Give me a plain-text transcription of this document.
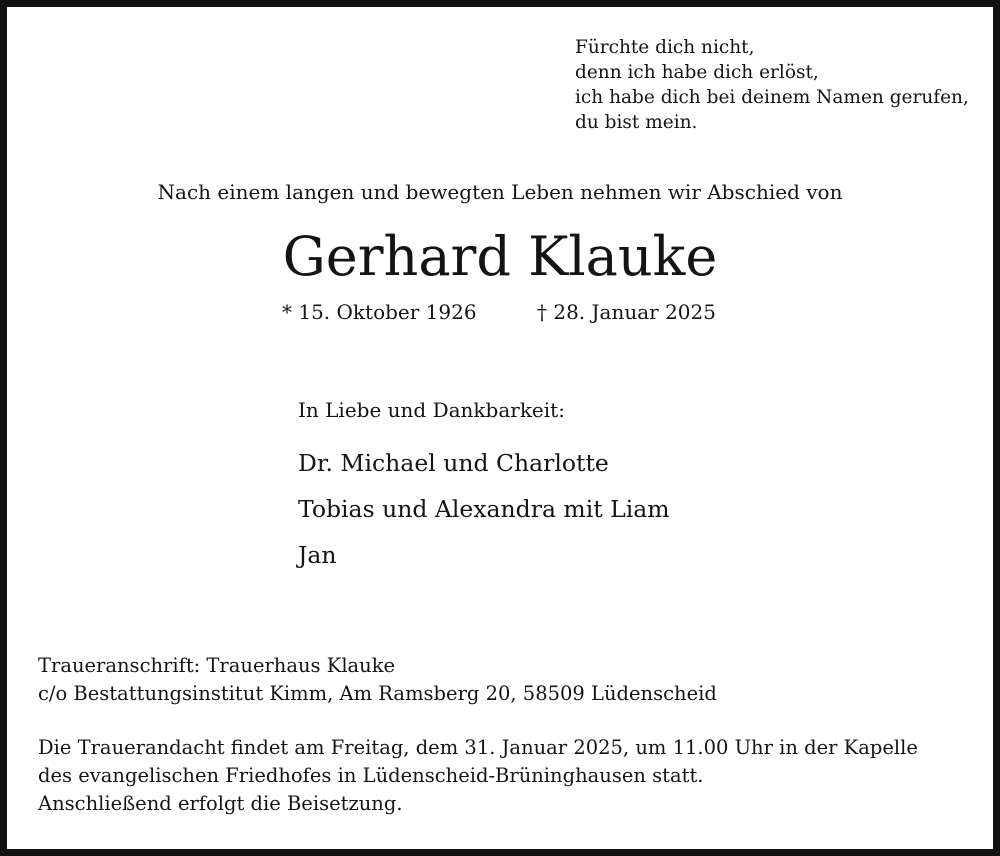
Fürchte dich nicht,
denn ich habe dich erlöst,
ich habe dich bei deinem Namen gerufen,
du bist mein.
Nach einem langen und bewegten Leben nehmen wir Abschied von
Gerhard Klauke
* 15. Oktober 1926	† 28. Januar 2025
In Liebe und Dankbarkeit:
Dr. Michael und Charlotte
Tobias und Alexandra mit Liam
Jan
Traueranschrift: Trauerhaus Klauke
c/o Bestattungsinstitut Kimm, Am Ramsberg 20, 58509 Lüdenscheid
Die Trauerandacht findet am Freitag, dem 31. Januar 2025, um 11.00 Uhr in der Kapelle
des evangelischen Friedhofes in Lüdenscheid-Brüninghausen statt.
Anschließend erfolgt die Beisetzung.
